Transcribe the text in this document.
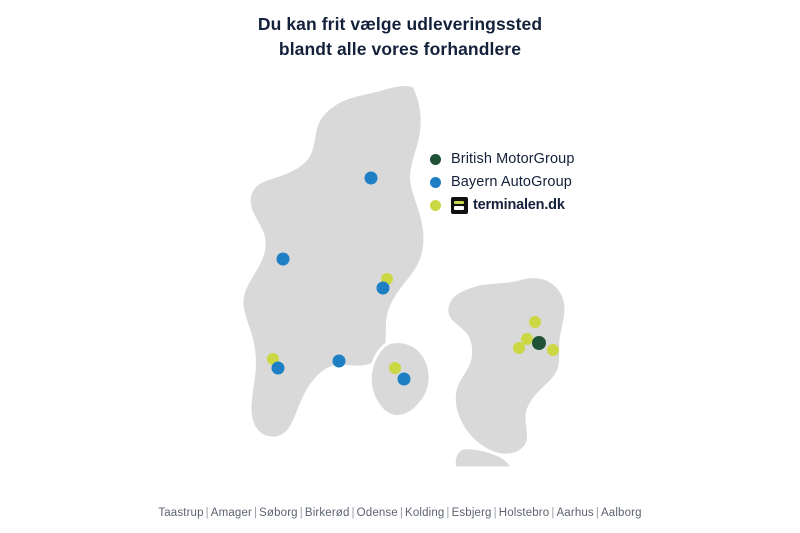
Du kan frit vælge udleveringssted
blandt alle vores forhandlere
British MotorGroup
Bayern AutoGroup
terminalen.dk
Taastrup | Amager | Søborg | Birkerød | Odense | Kolding | Esbjerg | Holstebro | Aarhus | Aalborg
